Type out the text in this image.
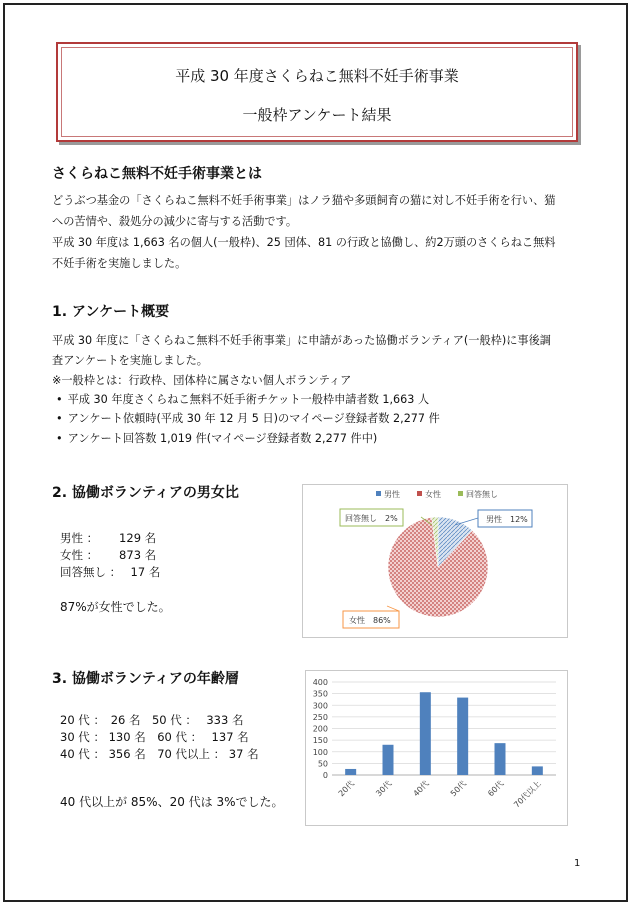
平成 30 年度さくらねこ無料不妊手術事業
一般枠アンケート結果
さくらねこ無料不妊手術事業とは
どうぶつ基金の「さくらねこ無料不妊手術事業」はノラ猫や多頭飼育の猫に対し不妊手術を行い、猫
への苦情や、殺処分の減少に寄与する活動です。
平成 30 年度は 1,663 名の個人(一般枠)、25 団体、81 の行政と協働し、約2万頭のさくらねこ無料
不妊手術を実施しました。
1. アンケート概要
平成 30 年度に「さくらねこ無料不妊手術事業」に申請があった協働ボランティア(一般枠)に事後調
査アンケートを実施しました。
※一般枠とは：行政枠、団体枠に属さない個人ボランティア
• 平成 30 年度さくらねこ無料不妊手術チケット一般枠申請者数 1,663 人
• アンケート依頼時(平成 30 年 12 月 5 日)のマイページ登録者数 2,277 件
• アンケート回答数 1,019 件(マイページ登録者数 2,277 件中)
2. 協働ボランティアの男女比
男性 ：　　 129 名
女性 ：　　 873 名
回答無し ：　 17 名
87%が女性でした。
男性	女性	回答無し
男性　12%
回答無し　2%
女性　86%
3. 協働ボランティアの年齢層
20 代 ：　26 名　50 代 ：　 333 名
30 代 ： 130 名　60 代 ：　 137 名
40 代 ： 356 名　70 代以上 ： 37 名
40 代以上が 85%、20 代は 3%でした。
0
50
100
150
200
250
300
350
400
20代 30代 40代 50代 60代 70代以上
1
